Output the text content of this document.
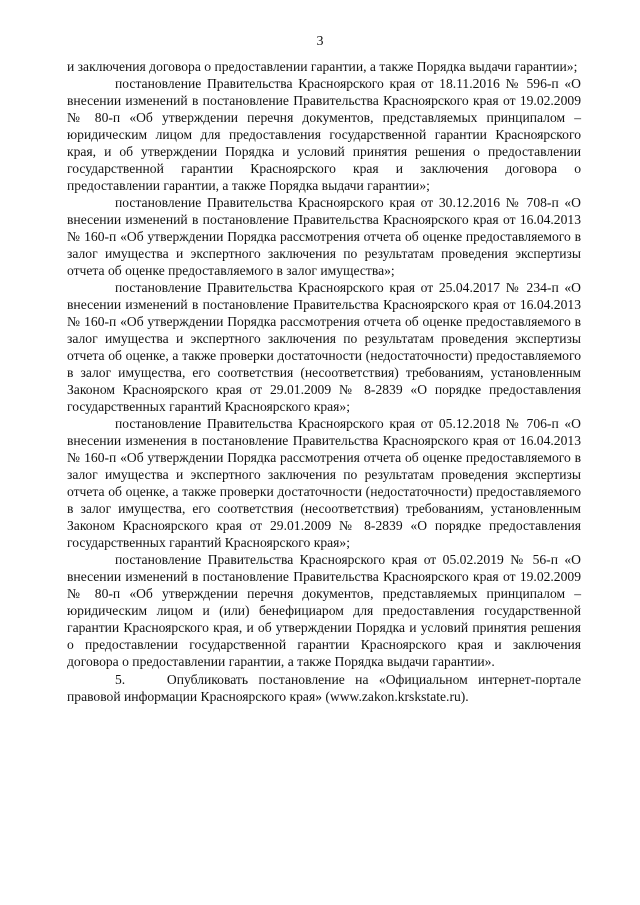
3

и заключения договора о предоставлении гарантии, а также Порядка выдачи гарантии»;

постановление Правительства Красноярского края от 18.11.2016 № 596-п «О внесении изменений в постановление Правительства Красноярского края от 19.02.2009 № 80-п «Об утверждении перечня документов, представляемых принципалом – юридическим лицом для предоставления государственной гарантии Красноярского края, и об утверждении Порядка и условий принятия решения о предоставлении государственной гарантии Красноярского края и заключения договора о предоставлении гарантии, а также Порядка выдачи гарантии»;

постановление Правительства Красноярского края от 30.12.2016 № 708-п «О внесении изменений в постановление Правительства Красноярского края от 16.04.2013 № 160-п «Об утверждении Порядка рассмотрения отчета об оценке предоставляемого в залог имущества и экспертного заключения по результатам проведения экспертизы отчета об оценке предоставляемого в залог имущества»;

постановление Правительства Красноярского края от 25.04.2017 № 234-п «О внесении изменений в постановление Правительства Красноярского края от 16.04.2013 № 160-п «Об утверждении Порядка рассмотрения отчета об оценке предоставляемого в залог имущества и экспертного заключения по результатам проведения экспертизы отчета об оценке, а также проверки достаточности (недостаточности) предоставляемого в залог имущества, его соответствия (несоответствия) требованиям, установленным Законом Красноярского края от 29.01.2009 № 8-2839 «О порядке предоставления государственных гарантий Красноярского края»;

постановление Правительства Красноярского края от 05.12.2018 № 706-п «О внесении изменения в постановление Правительства Красноярского края от 16.04.2013 № 160-п «Об утверждении Порядка рассмотрения отчета об оценке предоставляемого в залог имущества и экспертного заключения по результатам проведения экспертизы отчета об оценке, а также проверки достаточности (недостаточности) предоставляемого в залог имущества, его соответствия (несоответствия) требованиям, установленным Законом Красноярского края от 29.01.2009 № 8-2839 «О порядке предоставления государственных гарантий Красноярского края»;

постановление Правительства Красноярского края от 05.02.2019 № 56-п «О внесении изменений в постановление Правительства Красноярского края от 19.02.2009 № 80-п «Об утверждении перечня документов, представляемых принципалом – юридическим лицом и (или) бенефициаром для предоставления государственной гарантии Красноярского края, и об утверждении Порядка и условий принятия решения о предоставлении государственной гарантии Красноярского края и заключения договора о предоставлении гарантии, а также Порядка выдачи гарантии».

5.    Опубликовать постановление на «Официальном интернет-портале правовой информации Красноярского края» (www.zakon.krskstate.ru).
